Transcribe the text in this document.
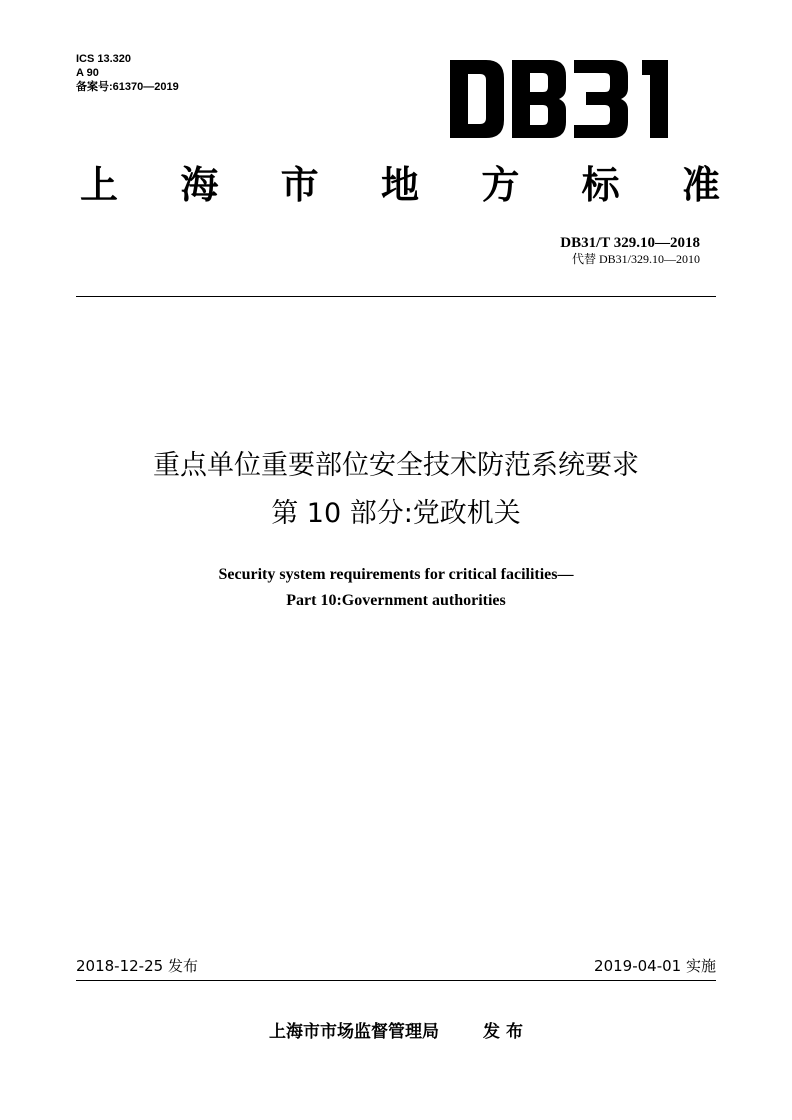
ICS 13.320
A 90
备案号:61370—2019
上 海 市 地 方 标 准
DB31/T 329.10—2018
代替 DB31/329.10—2010
重点单位重要部位安全技术防范系统要求
第 10 部分:党政机关
Security system requirements for critical facilities—
Part 10:Government authorities
2018-12-25 发布	2019-04-01 实施
上海市市场监督管理局	发 布
